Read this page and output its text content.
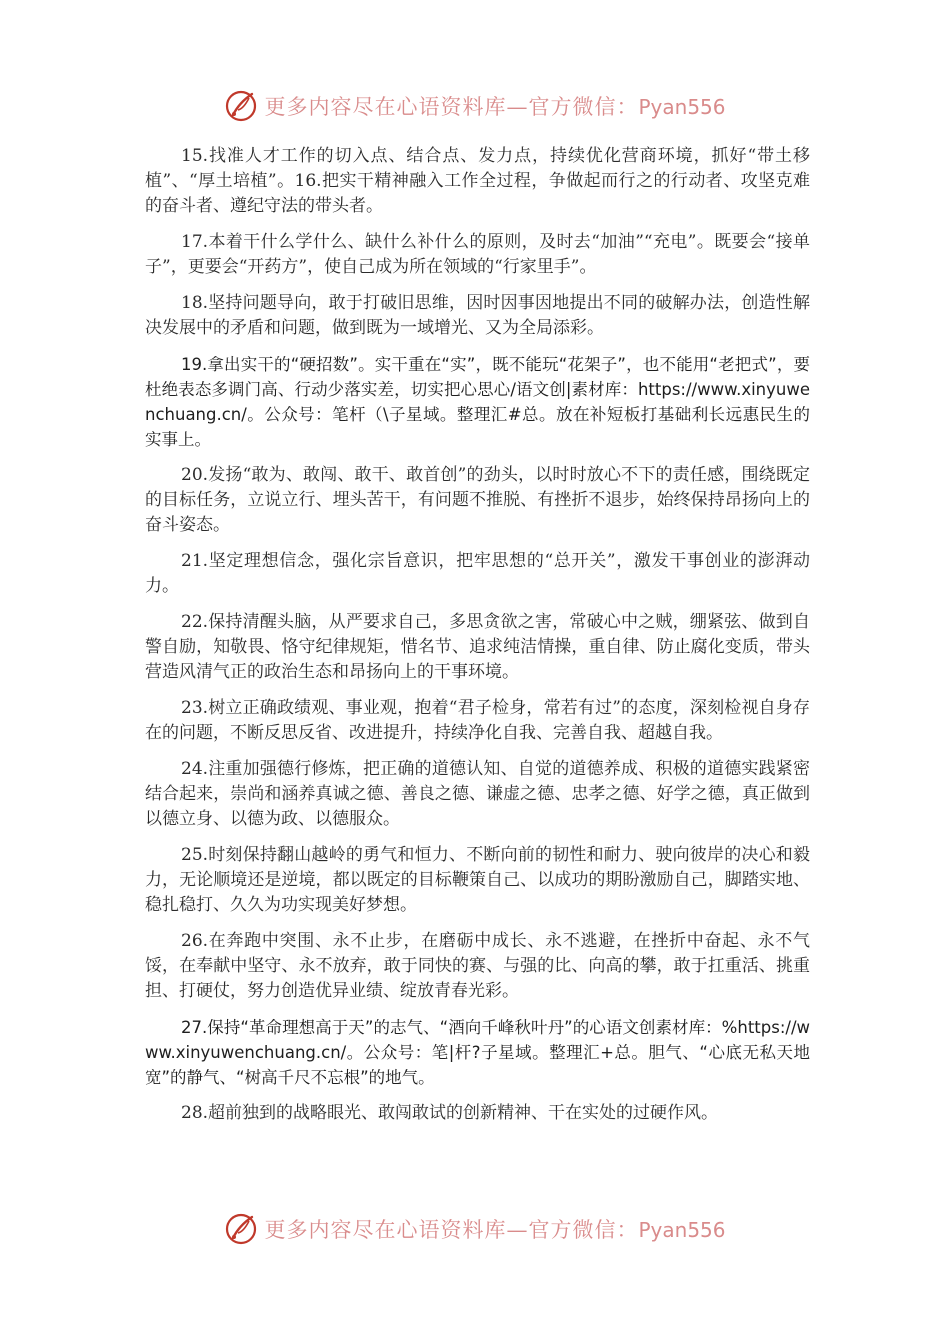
更多内容尽在心语资料库—官方微信：Pyan556

15.找准人才工作的切入点、结合点、发力点，持续优化营商环境，抓好“带土移植”、“厚土培植”。16.把实干精神融入工作全过程，争做起而行之的行动者、攻坚克难的奋斗者、遵纪守法的带头者。

17.本着干什么学什么、缺什么补什么的原则，及时去“加油”“充电”。既要会“接单子”，更要会“开药方”，使自己成为所在领域的“行家里手”。

18.坚持问题导向，敢于打破旧思维，因时因事因地提出不同的破解办法，创造性解决发展中的矛盾和问题，做到既为一域增光、又为全局添彩。

19.拿出实干的“硬招数”。实干重在“实”，既不能玩“花架子”，也不能用“老把式”，要杜绝表态多调门高、行动少落实差，切实把心思心/语文创|素材库：https://www.xinyuwenchuang.cn/。公众号：笔杆（\子星域。整理汇#总。放在补短板打基础利长远惠民生的实事上。

20.发扬“敢为、敢闯、敢干、敢首创”的劲头，以时时放心不下的责任感，围绕既定的目标任务，立说立行、埋头苦干，有问题不推脱、有挫折不退步，始终保持昂扬向上的奋斗姿态。

21.坚定理想信念，强化宗旨意识，把牢思想的“总开关”，激发干事创业的澎湃动力。

22.保持清醒头脑，从严要求自己，多思贪欲之害，常破心中之贼，绷紧弦、做到自警自励，知敬畏、恪守纪律规矩，惜名节、追求纯洁情操，重自律、防止腐化变质，带头营造风清气正的政治生态和昂扬向上的干事环境。

23.树立正确政绩观、事业观，抱着“君子检身，常若有过”的态度，深刻检视自身存在的问题，不断反思反省、改进提升，持续净化自我、完善自我、超越自我。

24.注重加强德行修炼，把正确的道德认知、自觉的道德养成、积极的道德实践紧密结合起来，崇尚和涵养真诚之德、善良之德、谦虚之德、忠孝之德、好学之德，真正做到以德立身、以德为政、以德服众。

25.时刻保持翻山越岭的勇气和恒力、不断向前的韧性和耐力、驶向彼岸的决心和毅力，无论顺境还是逆境，都以既定的目标鞭策自己、以成功的期盼激励自己，脚踏实地、稳扎稳打、久久为功实现美好梦想。

26.在奔跑中突围、永不止步，在磨砺中成长、永不逃避，在挫折中奋起、永不气馁，在奉献中坚守、永不放弃，敢于同快的赛、与强的比、向高的攀，敢于扛重活、挑重担、打硬仗，努力创造优异业绩、绽放青春光彩。

27.保持“革命理想高于天”的志气、“酒向千峰秋叶丹”的心语文创素材库：%https://www.xinyuwenchuang.cn/。公众号：笔|杆?子星域。整理汇+总。胆气、“心底无私天地宽”的静气、“树高千尺不忘根”的地气。

28.超前独到的战略眼光、敢闯敢试的创新精神、干在实处的过硬作风。

更多内容尽在心语资料库—官方微信：Pyan556
